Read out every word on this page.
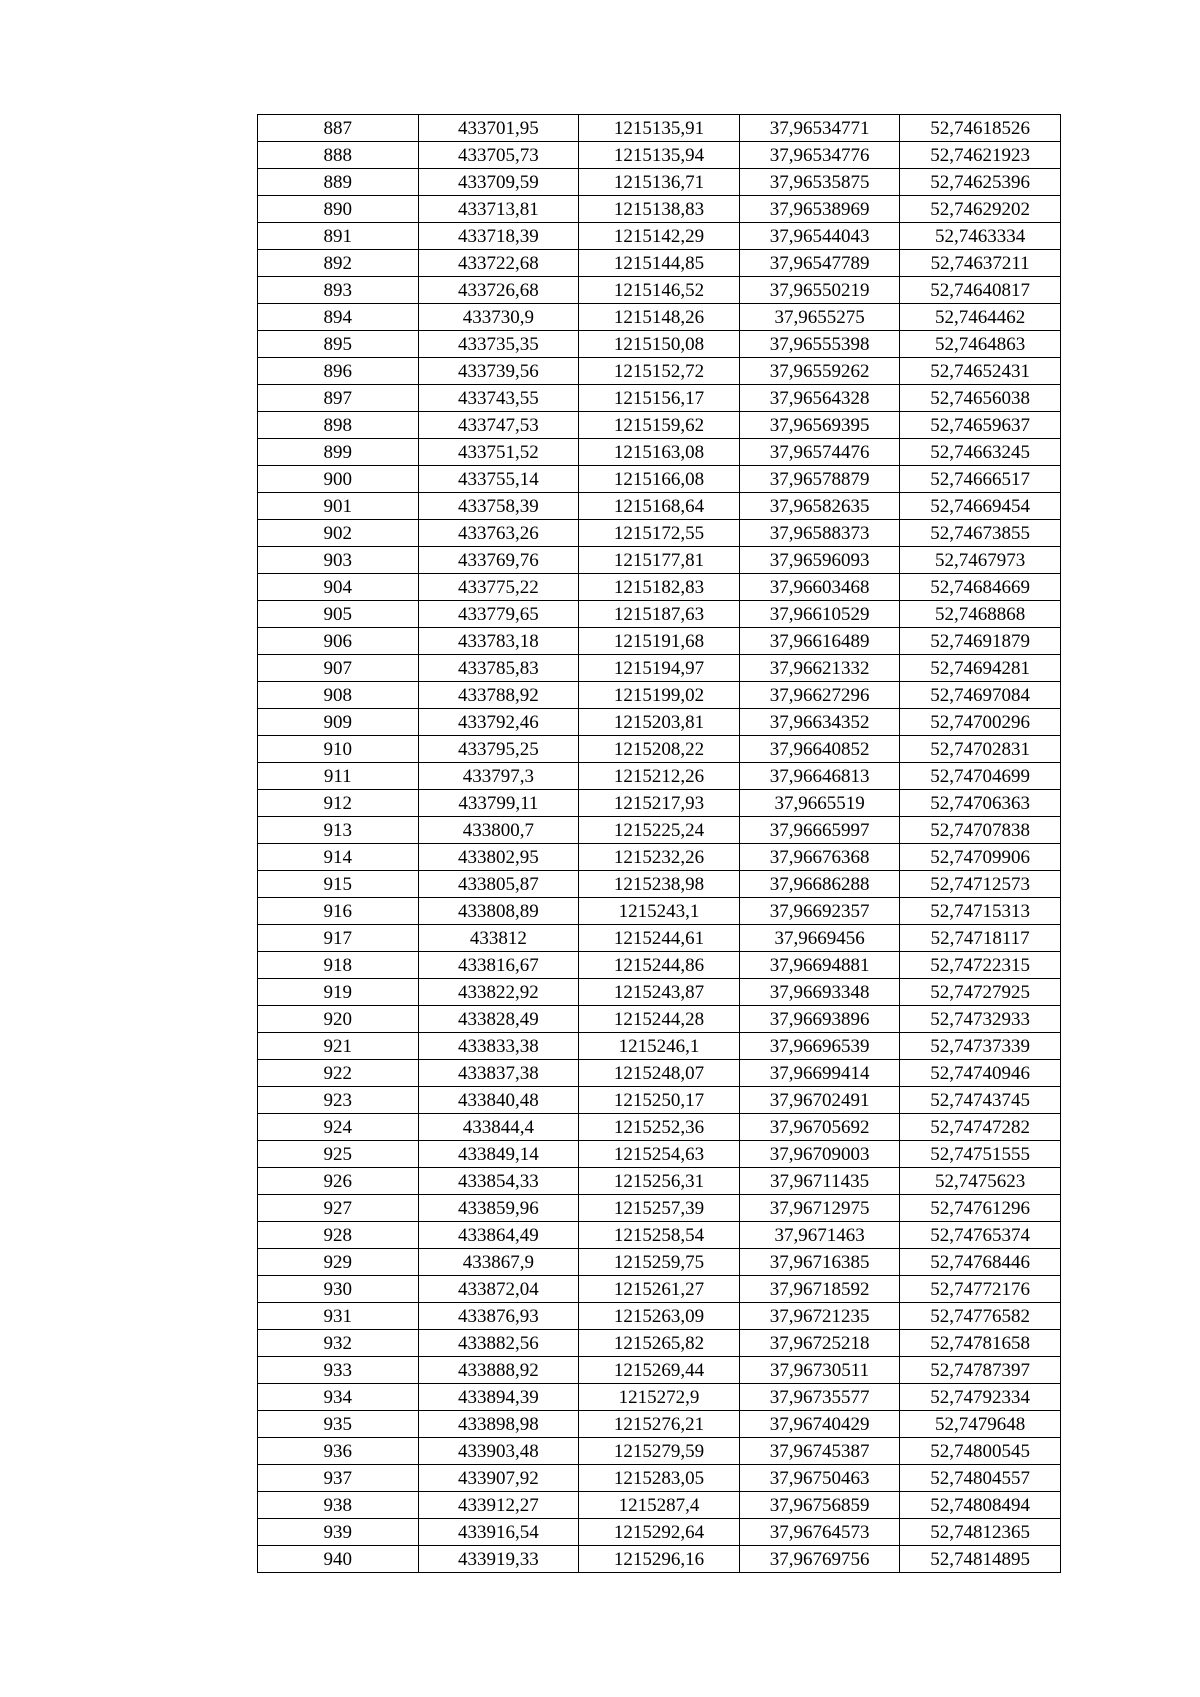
887	433701,95	1215135,91	37,96534771	52,74618526
888	433705,73	1215135,94	37,96534776	52,74621923
889	433709,59	1215136,71	37,96535875	52,74625396
890	433713,81	1215138,83	37,96538969	52,74629202
891	433718,39	1215142,29	37,96544043	52,7463334
892	433722,68	1215144,85	37,96547789	52,74637211
893	433726,68	1215146,52	37,96550219	52,74640817
894	433730,9	1215148,26	37,9655275	52,7464462
895	433735,35	1215150,08	37,96555398	52,7464863
896	433739,56	1215152,72	37,96559262	52,74652431
897	433743,55	1215156,17	37,96564328	52,74656038
898	433747,53	1215159,62	37,96569395	52,74659637
899	433751,52	1215163,08	37,96574476	52,74663245
900	433755,14	1215166,08	37,96578879	52,74666517
901	433758,39	1215168,64	37,96582635	52,74669454
902	433763,26	1215172,55	37,96588373	52,74673855
903	433769,76	1215177,81	37,96596093	52,7467973
904	433775,22	1215182,83	37,96603468	52,74684669
905	433779,65	1215187,63	37,96610529	52,7468868
906	433783,18	1215191,68	37,96616489	52,74691879
907	433785,83	1215194,97	37,96621332	52,74694281
908	433788,92	1215199,02	37,96627296	52,74697084
909	433792,46	1215203,81	37,96634352	52,74700296
910	433795,25	1215208,22	37,96640852	52,74702831
911	433797,3	1215212,26	37,96646813	52,74704699
912	433799,11	1215217,93	37,9665519	52,74706363
913	433800,7	1215225,24	37,96665997	52,74707838
914	433802,95	1215232,26	37,96676368	52,74709906
915	433805,87	1215238,98	37,96686288	52,74712573
916	433808,89	1215243,1	37,96692357	52,74715313
917	433812	1215244,61	37,9669456	52,74718117
918	433816,67	1215244,86	37,96694881	52,74722315
919	433822,92	1215243,87	37,96693348	52,74727925
920	433828,49	1215244,28	37,96693896	52,74732933
921	433833,38	1215246,1	37,96696539	52,74737339
922	433837,38	1215248,07	37,96699414	52,74740946
923	433840,48	1215250,17	37,96702491	52,74743745
924	433844,4	1215252,36	37,96705692	52,74747282
925	433849,14	1215254,63	37,96709003	52,74751555
926	433854,33	1215256,31	37,96711435	52,7475623
927	433859,96	1215257,39	37,96712975	52,74761296
928	433864,49	1215258,54	37,9671463	52,74765374
929	433867,9	1215259,75	37,96716385	52,74768446
930	433872,04	1215261,27	37,96718592	52,74772176
931	433876,93	1215263,09	37,96721235	52,74776582
932	433882,56	1215265,82	37,96725218	52,74781658
933	433888,92	1215269,44	37,96730511	52,74787397
934	433894,39	1215272,9	37,96735577	52,74792334
935	433898,98	1215276,21	37,96740429	52,7479648
936	433903,48	1215279,59	37,96745387	52,74800545
937	433907,92	1215283,05	37,96750463	52,74804557
938	433912,27	1215287,4	37,96756859	52,74808494
939	433916,54	1215292,64	37,96764573	52,74812365
940	433919,33	1215296,16	37,96769756	52,74814895
